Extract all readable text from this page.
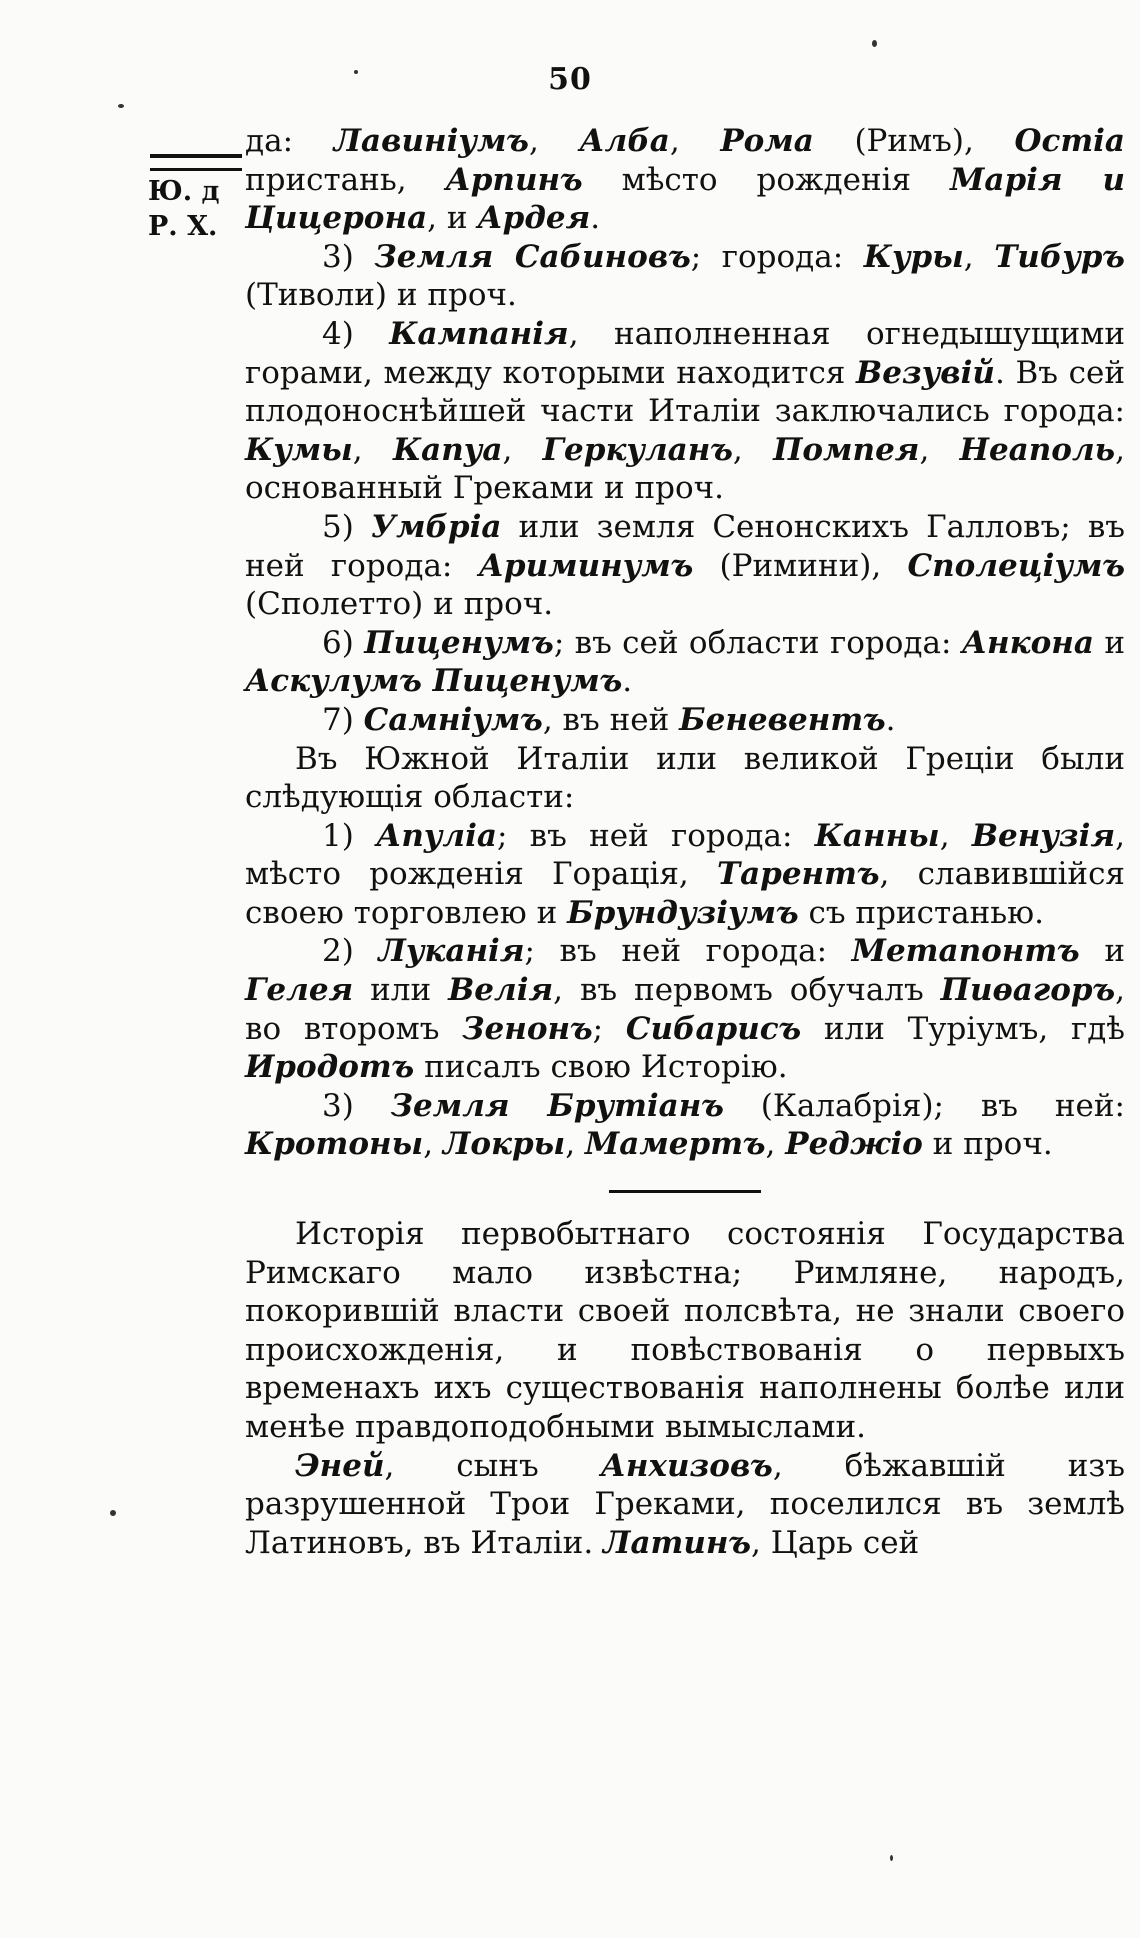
50
Ю. д
Р. Х.

да: Лавиніумъ, Алба, Рома (Римъ), Остіа пристань, Арпинъ мѣсто рожденія Марія и Цицерона, и Ардея.

3) Земля Сабиновъ; города: Куры, Тибуръ (Тиволи) и проч.

4) Кампанія, наполненная огнедышущими горами, между которыми находится Везувій. Въ сей плодоноснѣйшей части Италіи заключались города: Кумы, Капуа, Геркуланъ, Помпея, Неаполь, основанный Греками и проч.

5) Умбріа или земля Сенонскихъ Галловъ; въ ней города: Ариминумъ (Римини), Сполеціумъ (Сполетто) и проч.

6) Пиценумъ; въ сей области города: Анкона и Аскулумъ Пиценумъ.

7) Самніумъ, въ ней Беневентъ.

Въ Южной Италіи или великой Греціи были слѣдующія области:

1) Апуліа; въ ней города: Канны, Венузія, мѣсто рожденія Горація, Тарентъ, славившійся своею торговлею и Брундузіумъ съ пристанью.

2) Луканія; въ ней города: Метапонтъ и Гелея или Велія, въ первомъ обучалъ Пиѳагоръ, во второмъ Зенонъ; Сибарисъ или Туріумъ, гдѣ Иродотъ писалъ свою Исторію.

3) Земля Брутіанъ (Калабрія); въ ней: Кротоны, Локры, Мамертъ, Реджіо и проч.

Исторія первобытнаго состоянія Государства Римскаго мало извѣстна; Римляне, народъ, покорившій власти своей полсвѣта, не знали своего происхожденія, и повѣствованія о первыхъ временахъ ихъ существованія наполнены болѣе или менѣе правдоподобными вымыслами.

Эней, сынъ Анхизовъ, бѣжавшій изъ разрушенной Трои Греками, поселился въ землѣ Латиновъ, въ Италіи. Латинъ, Царь сей
